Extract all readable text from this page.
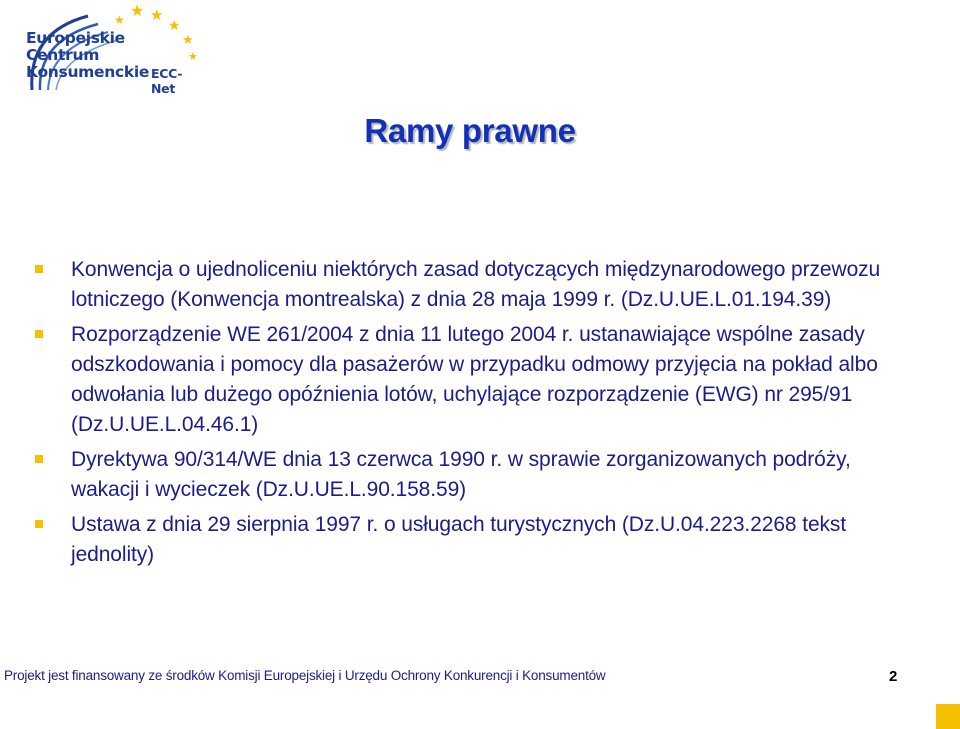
★ ★
★
★
★
★
Europejskie
Centrum
Konsumenckie ECC-Net
Ramy prawne
Konwencja o ujednoliceniu niektórych zasad dotyczących międzynarodowego przewozu lotniczego (Konwencja montrealska) z dnia 28 maja 1999 r. (Dz.U.UE.L.01.194.39)
Rozporządzenie WE 261/2004 z dnia 11 lutego 2004 r. ustanawiające wspólne zasady odszkodowania i pomocy dla pasażerów w przypadku odmowy przyjęcia na pokład albo odwołania lub dużego opóźnienia lotów, uchylające rozporządzenie (EWG) nr 295/91 (Dz.U.UE.L.04.46.1)
Dyrektywa 90/314/WE dnia 13 czerwca 1990 r. w sprawie zorganizowanych podróży, wakacji i wycieczek (Dz.U.UE.L.90.158.59)
Ustawa z dnia 29 sierpnia 1997 r. o usługach turystycznych (Dz.U.04.223.2268 tekst jednolity)
Projekt jest finansowany ze środków Komisji Europejskiej i Urzędu Ochrony Konkurencji i Konsumentów	2
